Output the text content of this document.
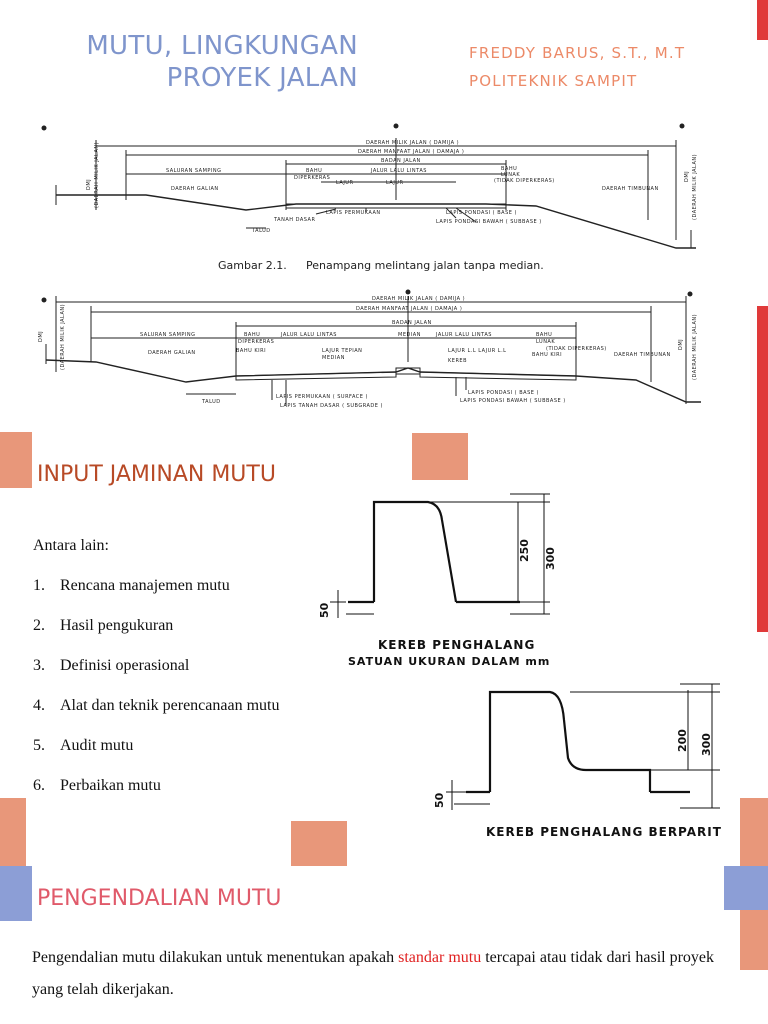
MUTU, LINGKUNGAN
PROYEK JALAN
FREDDY BARUS, S.T., M.T
POLITEKNIK SAMPIT
DAERAH MILIK JALAN ( DAMIJA )
DAERAH MANFAAT JALAN ( DAMAJA )
BADAN JALAN
SALURAN SAMPING	JALUR LALU LINTAS
BAHU
DIPERKERAS
LAJUR	LAJUR
BAHU
LUNAK
(TIDAK DIPERKERAS)
DAERAH GALIAN	DAERAH TIMBUNAN
TANAH DASAR
TALUD
LAPIS PERMUKAAN	LAPIS PONDASI ( BASE )
LAPIS PONDASI BAWAH ( SUBBASE )
DMJ (DAERAH MILIK JALAN)	DMJ (DAERAH MILIK JALAN)
Gambar 2.1. Penampang melintang jalan tanpa median.
DAERAH MILIK JALAN ( DAMIJA )
DAERAH MANFAAT JALAN ( DAMAJA )
BADAN JALAN
SALURAN SAMPING	BAHU
DIPERKERAS
JALUR LALU LINTAS	MEDIAN	JALUR LALU LINTAS	BAHU
LUNAK
(TIDAK DIPERKERAS)
BAHU KIRI	LAJUR TEPIAN
MEDIAN
LAJUR L.L LAJUR L.L
KEREB
BAHU KIRI
DAERAH GALIAN	DAERAH TIMBUNAN
TALUD
LAPIS PERMUKAAN ( SURFACE )
LAPIS TANAH DASAR ( SUBGRADE )
LAPIS PONDASI ( BASE )
LAPIS PONDASI BAWAH ( SUBBASE )
DMJ	(DAERAH MILIK JALAN)	DMJ (DAERAH MILIK JALAN)
INPUT JAMINAN MUTU
Antara lain:
1. Rencana manajemen mutu
2. Hasil pengukuran
3. Definisi operasional
4. Alat dan teknik perencanaan mutu
5. Audit mutu
6. Perbaikan mutu
250 300
50
KEREB PENGHALANG
SATUAN UKURAN DALAM mm
200 300
50
KEREB PENGHALANG BERPARIT
PENGENDALIAN MUTU
Pengendalian mutu dilakukan untuk menentukan apakah standar mutu tercapai atau tidak dari hasil proyek yang telah dikerjakan.
